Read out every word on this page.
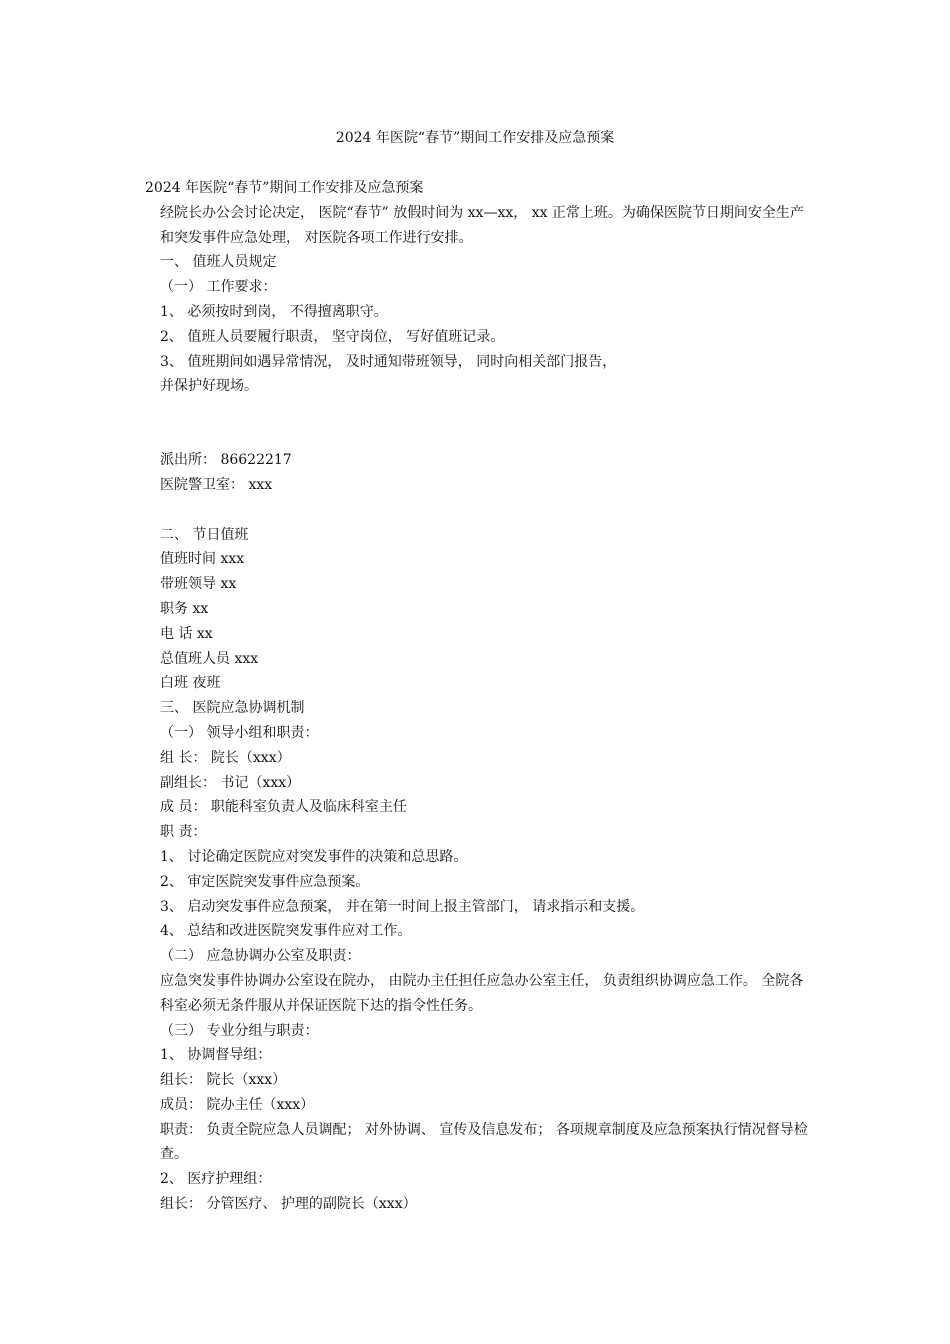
2024 年医院“春节”期间工作安排及应急预案

2024 年医院“春节”期间工作安排及应急预案

经院长办公会讨论决定， 医院“春节” 放假时间为 xx—xx， xx 正常上班。为确保医院节日期间安全生产和突发事件应急处理， 对医院各项工作进行安排。

一、 值班人员规定

（一） 工作要求：

1、 必须按时到岗， 不得擅离职守。

2、 值班人员要履行职责， 坚守岗位， 写好值班记录。

3、 值班期间如遇异常情况， 及时通知带班领导， 同时向相关部门报告，

并保护好现场。

派出所： 86622217

医院警卫室： xxx

二、 节日值班

值班时间 xxx

带班领导 xx

职务 xx

电 话 xx

总值班人员 xxx

白班 夜班

三、 医院应急协调机制

（一） 领导小组和职责：

组 长： 院长（xxx）

副组长： 书记（xxx）

成 员： 职能科室负责人及临床科室主任

职 责：

1、 讨论确定医院应对突发事件的决策和总思路。

2、 审定医院突发事件应急预案。

3、 启动突发事件应急预案， 并在第一时间上报主管部门， 请求指示和支援。

4、 总结和改进医院突发事件应对工作。

（二） 应急协调办公室及职责：

应急突发事件协调办公室设在院办， 由院办主任担任应急办公室主任， 负责组织协调应急工作。 全院各科室必须无条件服从并保证医院下达的指令性任务。

（三） 专业分组与职责：

1、 协调督导组：

组长： 院长（xxx）

成员： 院办主任（xxx）

职责： 负责全院应急人员调配； 对外协调、 宣传及信息发布； 各项规章制度及应急预案执行情况督导检查。

2、 医疗护理组：

组长： 分管医疗、 护理的副院长（xxx）
